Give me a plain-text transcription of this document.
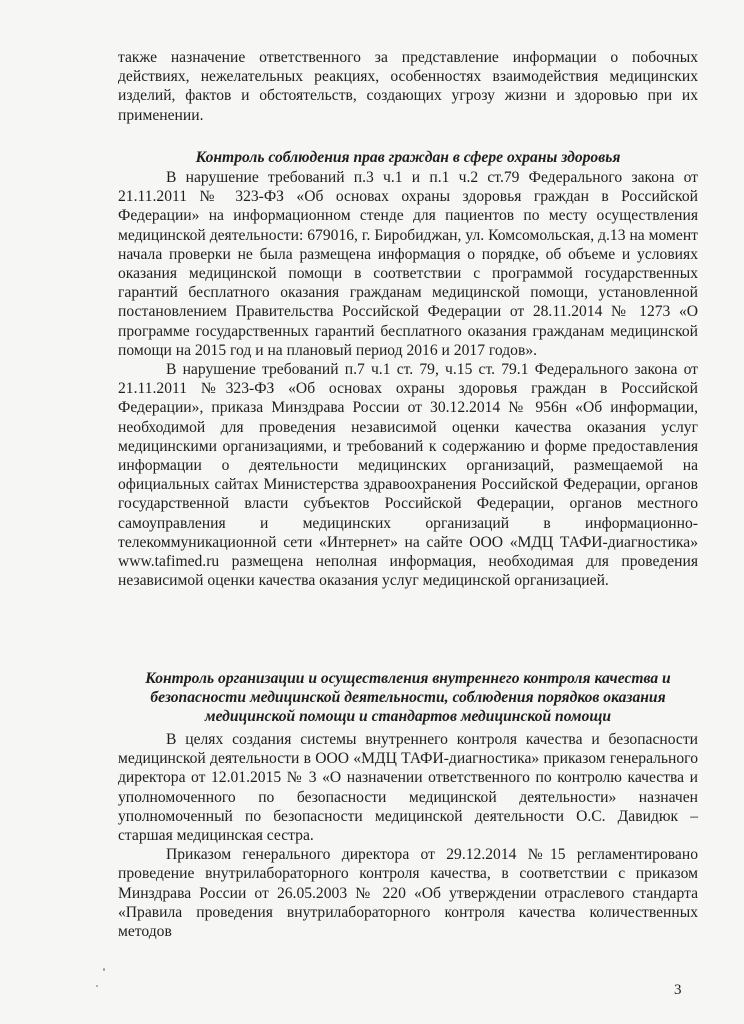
также назначение ответственного за представление информации о побочных действиях, нежелательных реакциях, особенностях взаимодействия медицинских изделий, фактов и обстоятельств, создающих угрозу жизни и здоровью при их применении.

Контроль соблюдения прав граждан в сфере охраны здоровья

В нарушение требований п.3 ч.1 и п.1 ч.2 ст.79 Федерального закона от 21.11.2011 № 323-ФЗ «Об основах охраны здоровья граждан в Российской Федерации» на информационном стенде для пациентов по месту осуществления медицинской деятельности: 679016, г. Биробиджан, ул. Комсомольская, д.13 на момент начала проверки не была размещена информация о порядке, об объеме и условиях оказания медицинской помощи в соответствии с программой государственных гарантий бесплатного оказания гражданам медицинской помощи, установленной постановлением Правительства Российской Федерации от 28.11.2014 № 1273 «О программе государственных гарантий бесплатного оказания гражданам медицинской помощи на 2015 год и на плановый период 2016 и 2017 годов».

В нарушение требований п.7 ч.1 ст. 79, ч.15 ст. 79.1 Федерального закона от 21.11.2011 №323-ФЗ «Об основах охраны здоровья граждан в Российской Федерации», приказа Минздрава России от 30.12.2014 № 956н «Об информации, необходимой для проведения независимой оценки качества оказания услуг медицинскими организациями, и требований к содержанию и форме предоставления информации о деятельности медицинских организаций, размещаемой на официальных сайтах Министерства здравоохранения Российской Федерации, органов государственной власти субъектов Российской Федерации, органов местного самоуправления и медицинских организаций в информационно-телекоммуникационной сети «Интернет» на сайте ООО «МДЦ ТАФИ-диагностика» www.tafimed.ru размещена неполная информация, необходимая для проведения независимой оценки качества оказания услуг медицинской организацией.

Контроль организации и осуществления внутреннего контроля качества и безопасности медицинской деятельности, соблюдения порядков оказания медицинской помощи и стандартов медицинской помощи

В целях создания системы внутреннего контроля качества и безопасности медицинской деятельности в ООО «МДЦ ТАФИ-диагностика» приказом генерального директора от 12.01.2015 № 3 «О назначении ответственного по контролю качества и уполномоченного по безопасности медицинской деятельности» назначен уполномоченный по безопасности медицинской деятельности О.С. Давидюк – старшая медицинская сестра.

Приказом генерального директора от 29.12.2014 №15 регламентировано проведение внутрилабораторного контроля качества, в соответствии с приказом Минздрава России от 26.05.2003 № 220 «Об утверждении отраслевого стандарта «Правила проведения внутрилабораторного контроля качества количественных методов

3
